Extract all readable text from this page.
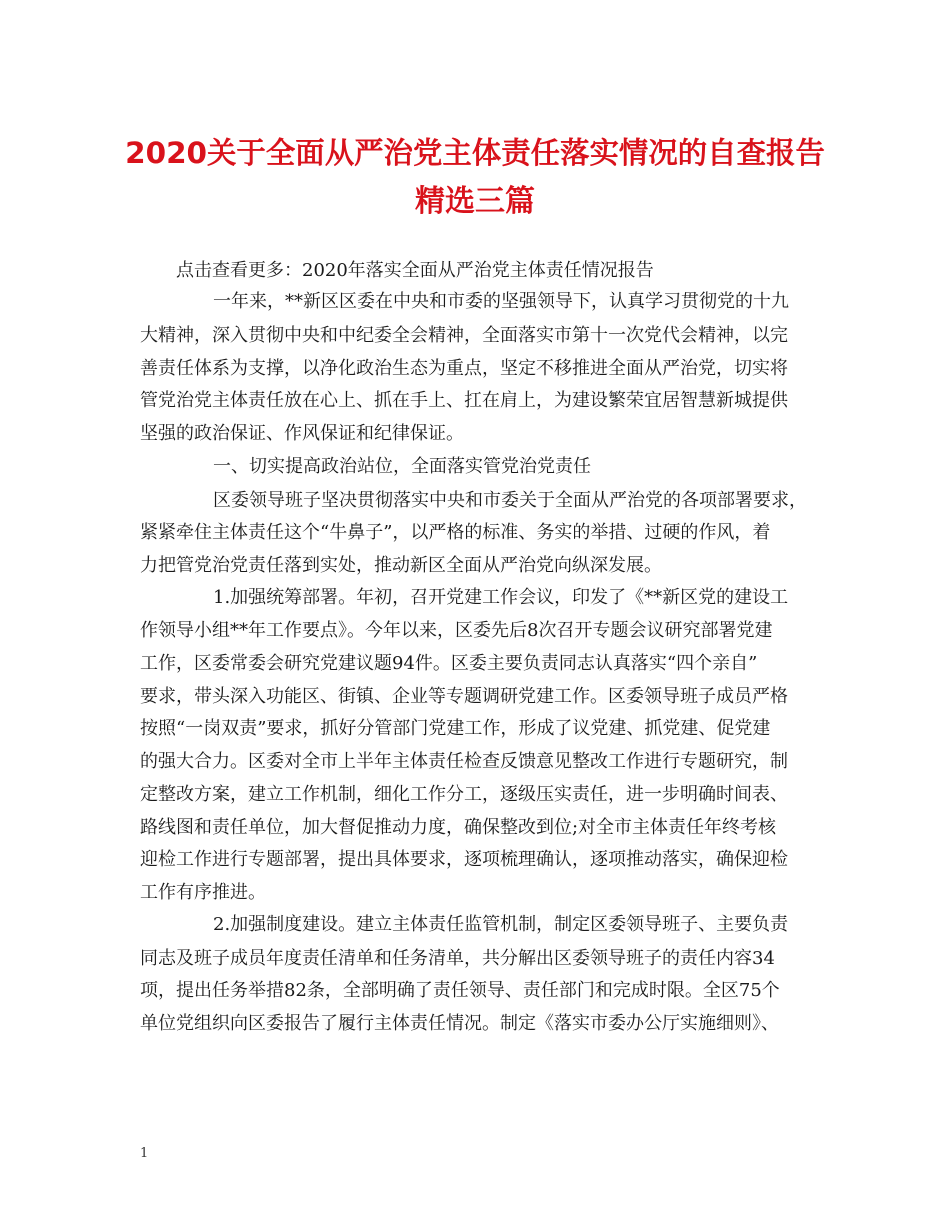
2020关于全面从严治党主体责任落实情况的自查报告
精选三篇
点击查看更多：2020年落实全面从严治党主体责任情况报告
一年来，**新区区委在中央和市委的坚强领导下，认真学习贯彻党的十九
大精神，深入贯彻中央和中纪委全会精神，全面落实市第十一次党代会精神，以完
善责任体系为支撑，以净化政治生态为重点，坚定不移推进全面从严治党，切实将
管党治党主体责任放在心上、抓在手上、扛在肩上，为建设繁荣宜居智慧新城提供
坚强的政治保证、作风保证和纪律保证。
一、切实提高政治站位，全面落实管党治党责任
区委领导班子坚决贯彻落实中央和市委关于全面从严治党的各项部署要求，
紧紧牵住主体责任这个“牛鼻子”，以严格的标准、务实的举措、过硬的作风，着
力把管党治党责任落到实处，推动新区全面从严治党向纵深发展。
1.加强统筹部署。年初，召开党建工作会议，印发了《**新区党的建设工
作领导小组**年工作要点》。今年以来，区委先后8次召开专题会议研究部署党建
工作，区委常委会研究党建议题94件。区委主要负责同志认真落实“四个亲自”
要求，带头深入功能区、街镇、企业等专题调研党建工作。区委领导班子成员严格
按照“一岗双责”要求，抓好分管部门党建工作，形成了议党建、抓党建、促党建
的强大合力。区委对全市上半年主体责任检查反馈意见整改工作进行专题研究，制
定整改方案，建立工作机制，细化工作分工，逐级压实责任，进一步明确时间表、
路线图和责任单位，加大督促推动力度，确保整改到位;对全市主体责任年终考核
迎检工作进行专题部署，提出具体要求，逐项梳理确认，逐项推动落实，确保迎检
工作有序推进。
2.加强制度建设。建立主体责任监管机制，制定区委领导班子、主要负责
同志及班子成员年度责任清单和任务清单，共分解出区委领导班子的责任内容34
项，提出任务举措82条，全部明确了责任领导、责任部门和完成时限。全区75个
单位党组织向区委报告了履行主体责任情况。制定《落实市委办公厅实施细则》、
1
